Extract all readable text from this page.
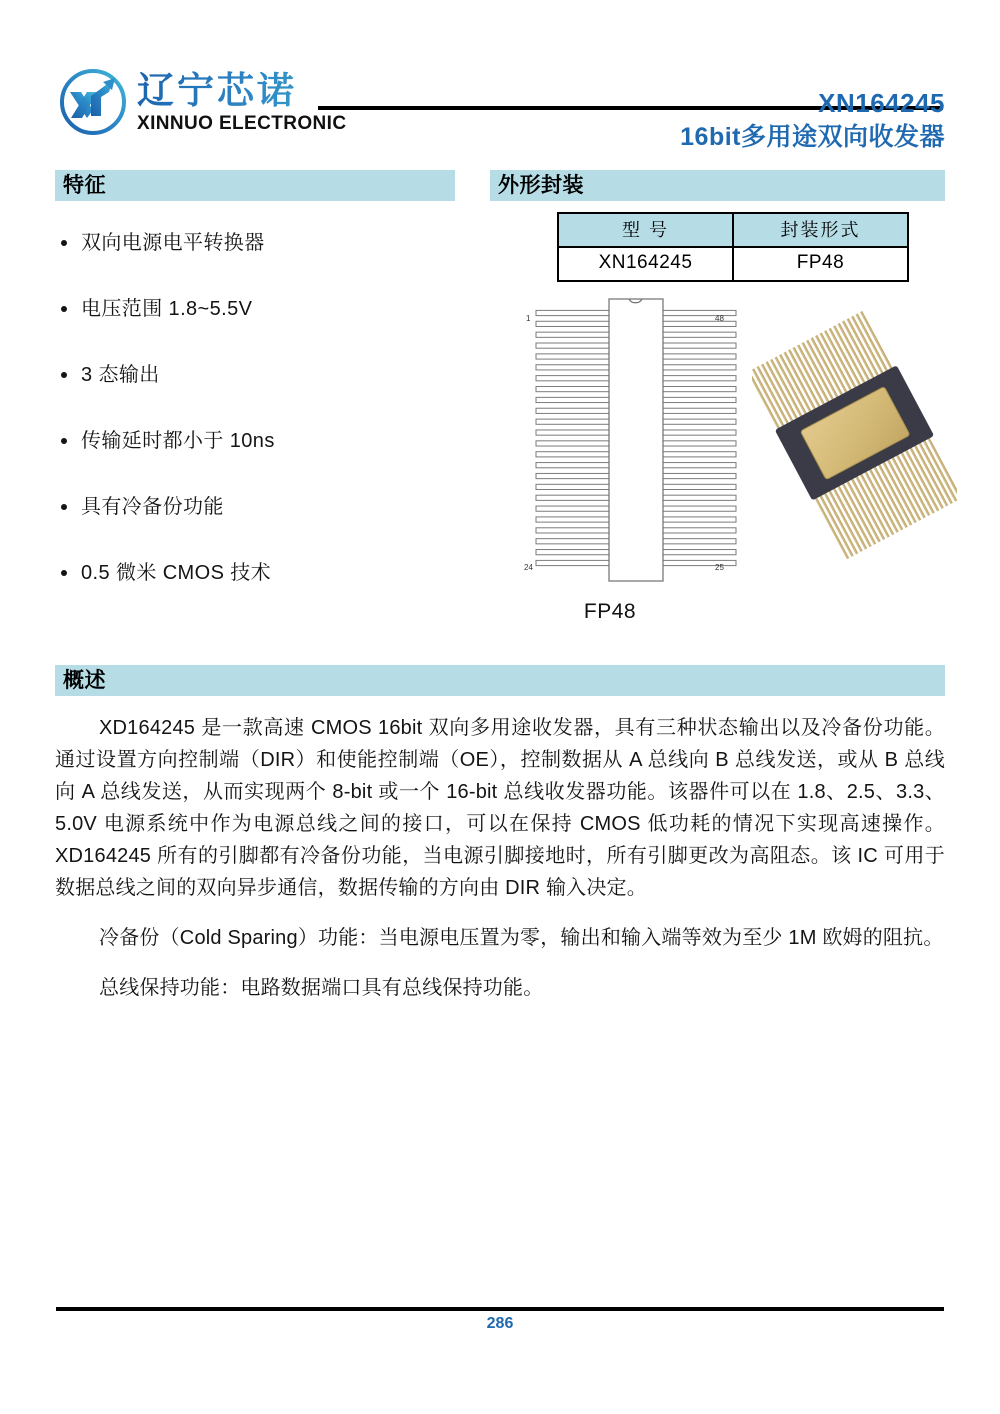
辽宁芯诺
XINNUO ELECTRONIC
XN164245
16bit多用途双向收发器
特征
双向电源电平转换器
电压范围 1.8~5.5V
3 态输出
传输延时都小于 10ns
具有冷备份功能
0.5 微米 CMOS 技术
外形封装
型 号	封装形式
XN164245	FP48
1	48
24	25
FP48
概述

XD164245 是一款高速 CMOS 16bit 双向多用途收发器，具有三种状态输出以及冷备份功能。通过设置方向控制端（DIR）和使能控制端（OE），控制数据从 A 总线向 B 总线发送，或从 B 总线向 A 总线发送，从而实现两个 8-bit 或一个 16-bit 总线收发器功能。该器件可以在 1.8、2.5、3.3、5.0V 电源系统中作为电源总线之间的接口，可以在保持 CMOS 低功耗的情况下实现高速操作。XD164245 所有的引脚都有冷备份功能，当电源引脚接地时，所有引脚更改为高阻态。该 IC 可用于数据总线之间的双向异步通信，数据传输的方向由 DIR 输入决定。

冷备份（Cold Sparing）功能：当电源电压置为零，输出和输入端等效为至少 1M 欧姆的阻抗。

总线保持功能：电路数据端口具有总线保持功能。

286
